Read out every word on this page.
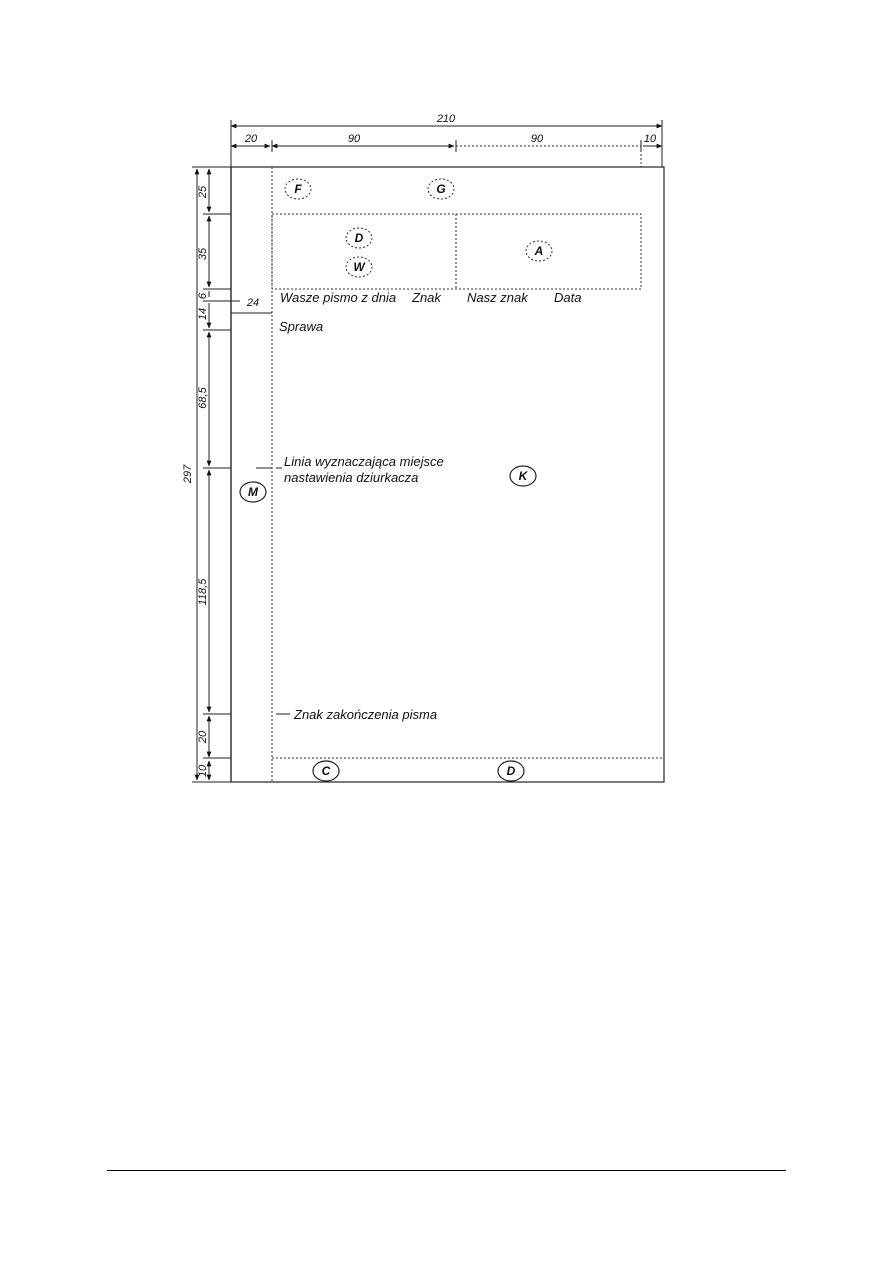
210
20	90	90	10
297
25
35
6
14
68,5
118,5
20
10
24
F	G
D
W
A
K
M
C	D
Wasze pismo z dnia Znak Nasz znak Data
Sprawa
Linia wyznaczająca miejsce
nastawienia dziurkacza
Znak zakończenia pisma
